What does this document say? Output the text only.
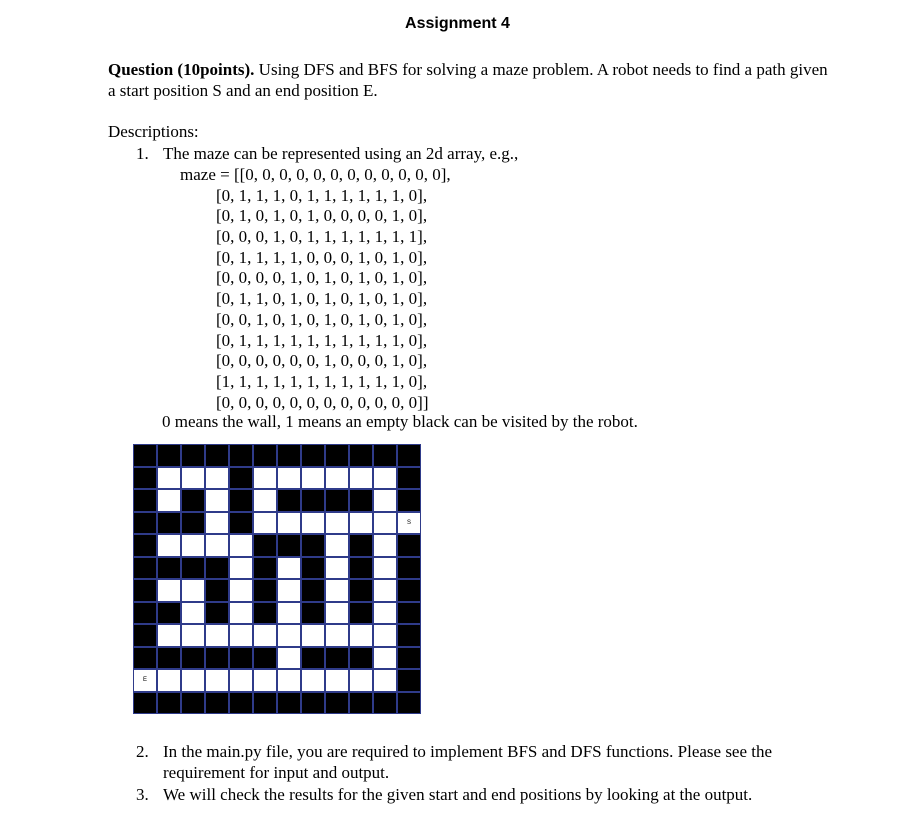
Assignment 4
Question (10points). Using DFS and BFS for solving a maze problem. A robot needs to find a path given a start position S and an end position E.
Descriptions:
1. The maze can be represented using an 2d array, e.g.,
maze = [[0, 0, 0, 0, 0, 0, 0, 0, 0, 0, 0, 0],
[0, 1, 1, 1, 0, 1, 1, 1, 1, 1, 1, 0],
[0, 1, 0, 1, 0, 1, 0, 0, 0, 0, 1, 0],
[0, 0, 0, 1, 0, 1, 1, 1, 1, 1, 1, 1],
[0, 1, 1, 1, 1, 0, 0, 0, 1, 0, 1, 0],
[0, 0, 0, 0, 1, 0, 1, 0, 1, 0, 1, 0],
[0, 1, 1, 0, 1, 0, 1, 0, 1, 0, 1, 0],
[0, 0, 1, 0, 1, 0, 1, 0, 1, 0, 1, 0],
[0, 1, 1, 1, 1, 1, 1, 1, 1, 1, 1, 0],
[0, 0, 0, 0, 0, 0, 1, 0, 0, 0, 1, 0],
[1, 1, 1, 1, 1, 1, 1, 1, 1, 1, 1, 0],
[0, 0, 0, 0, 0, 0, 0, 0, 0, 0, 0, 0]]
0 means the wall, 1 means an empty black can be visited by the robot.
S
E
2. In the main.py file, you are required to implement BFS and DFS functions. Please see the requirement for input and output.
3. We will check the results for the given start and end positions by looking at the output.
